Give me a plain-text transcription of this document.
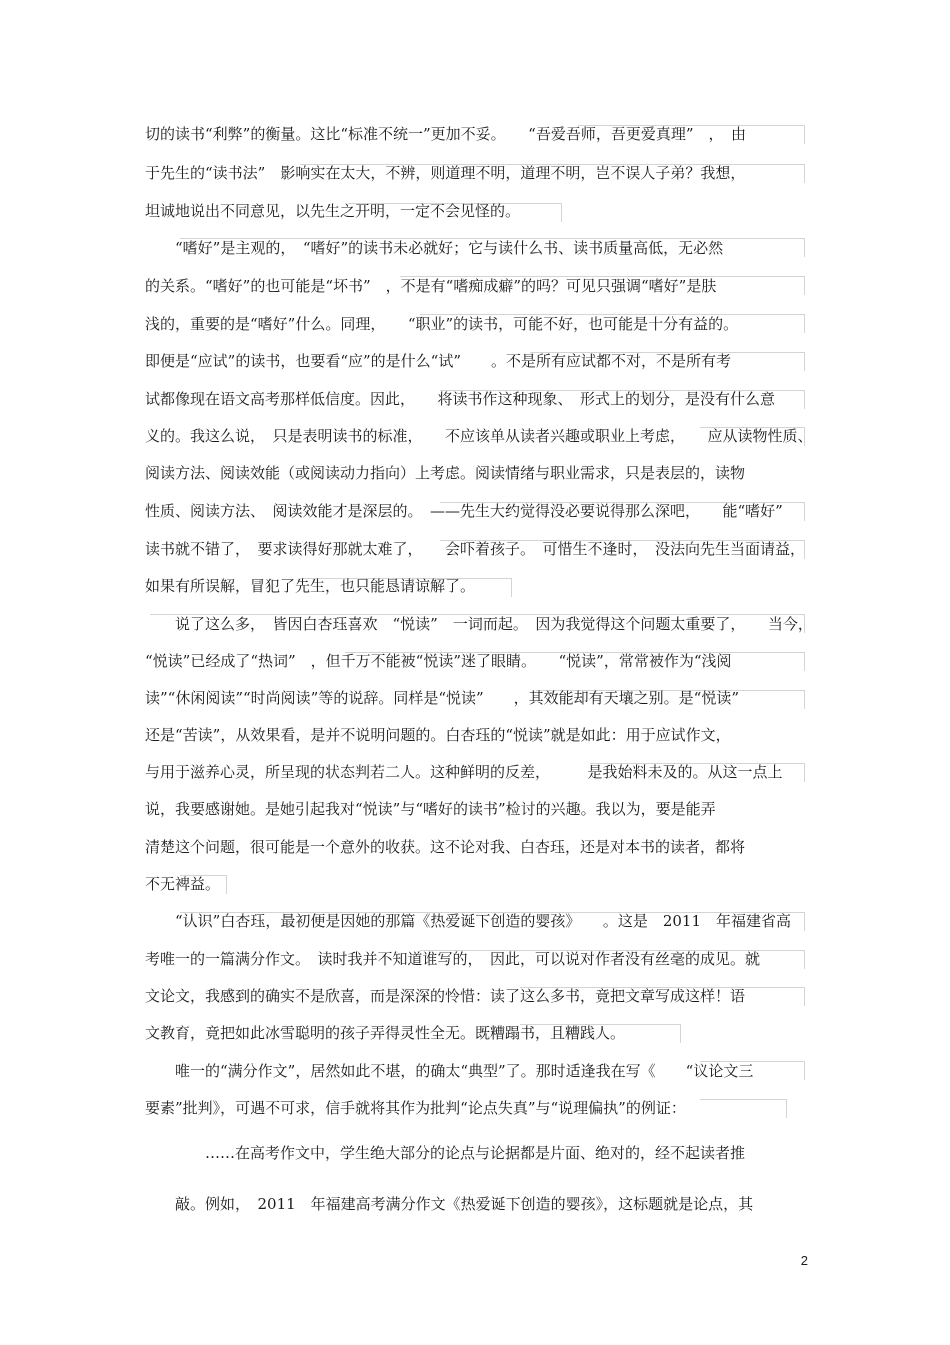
切的读书“利弊”的衡量。这比“标准不统一”更加不妥。　　“吾爱吾师，吾更爱真理”　，　由
于先生的“读书法”　影响实在太大，不辨，则道理不明，道理不明，岂不误人子弟？我想，
坦诚地说出不同意见，以先生之开明，一定不会见怪的。
　　“嗜好”是主观的，　“嗜好”的读书未必就好；它与读什么书、读书质量高低，无必然
的关系。“嗜好”的也可能是“坏书”　，不是有“嗜痴成癖”的吗？可见只强调“嗜好”是肤
浅的，重要的是“嗜好”什么。同理，　　“职业”的读书，可能不好，也可能是十分有益的。
即便是“应试”的读书，也要看“应”的是什么“试”　　。不是所有应试都不对，不是所有考
试都像现在语文高考那样低信度。因此，　　将读书作这种现象、　形式上的划分，是没有什么意
义的。我这么说，　只是表明读书的标准，　　不应该单从读者兴趣或职业上考虑，　　应从读物性质、
阅读方法、阅读效能（或阅读动力指向）上考虑。阅读情绪与职业需求，只是表层的，读物
性质、阅读方法、　阅读效能才是深层的。　——先生大约觉得没必要说得那么深吧，　　能“嗜好”
读书就不错了，　要求读得好那就太难了，　　会吓着孩子。　可惜生不逢时，　没法向先生当面请益，
如果有所误解，冒犯了先生，也只能恳请谅解了。
　　说了这么多，　皆因白杏珏喜欢　“悦读”　一词而起。　因为我觉得这个问题太重要了，　　当今，
“悦读”已经成了“热词”　，但千万不能被“悦读”迷了眼睛。　　“悦读”，常常被作为“浅阅
读”“休闲阅读”“时尚阅读”等的说辞。同样是“悦读”　　，其效能却有天壤之别。是“悦读”
还是“苦读”，从效果看，是并不说明问题的。白杏珏的“悦读”就是如此：用于应试作文，
与用于滋养心灵，所呈现的状态判若二人。这种鲜明的反差，　　　是我始料未及的。从这一点上
说，我要感谢她。是她引起我对“悦读”与“嗜好的读书”检讨的兴趣。我以为，要是能弄
清楚这个问题，很可能是一个意外的收获。这不论对我、白杏珏，还是对本书的读者，都将
不无裨益。
　　“认识”白杏珏，最初便是因她的那篇《热爱诞下创造的婴孩》　　。这是　2011　年福建省高
考唯一的一篇满分作文。　读时我并不知道谁写的，　因此，可以说对作者没有丝毫的成见。就
文论文，我感到的确实不是欣喜，而是深深的怜惜：读了这么多书，竟把文章写成这样！语
文教育，竟把如此冰雪聪明的孩子弄得灵性全无。既糟蹋书，且糟践人。
　　唯一的“满分作文”，居然如此不堪，的确太“典型”了。那时适逢我在写《　　“议论文三
要素”批判》，可遇不可求，信手就将其作为批判“论点失真”与“说理偏执”的例证：
　　　　……在高考作文中，学生绝大部分的论点与论据都是片面、绝对的，经不起读者推
　　敲。例如，　2011　年福建高考满分作文《热爱诞下创造的婴孩》，这标题就是论点，其
2
